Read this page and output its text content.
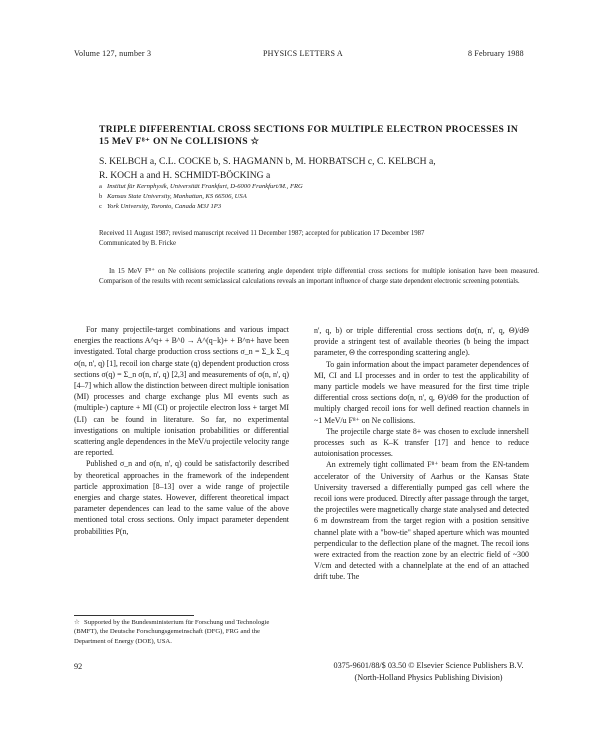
Volume 127, number 3	PHYSICS LETTERS A	8 February 1988
TRIPLE DIFFERENTIAL CROSS SECTIONS FOR MULTIPLE ELECTRON PROCESSES IN 15 MeV F⁸⁺ ON Ne COLLISIONS ☆
S. KELBCH a, C.L. COCKE b, S. HAGMANN b, M. HORBATSCH c, C. KELBCH a,
R. KOCH a and H. SCHMIDT-BÖCKING a
a Institut für Kernphysik, Universität Frankfurt, D-6000 Frankfurt/M., FRG
b Kansas State University, Manhattan, KS 66506, USA
c York University, Toronto, Canada M3J 1P3
Received 11 August 1987; revised manuscript received 11 December 1987; accepted for publication 17 December 1987
Communicated by B. Fricke
In 15 MeV F⁸⁺ on Ne collisions projectile scattering angle dependent triple differential cross sections for multiple ionisation have been measured. Comparison of the results with recent semiclassical calculations reveals an important influence of charge state dependent electronic screening potentials.

For many projectile-target combinations and various impact energies the reactions A^q+ + B^0 → A^(q−k)+ + B^n+ have been investigated. Total charge production cross sections σ_n = Σ_k Σ_q σ(n, n', q) [1], recoil ion charge state (q) dependent production cross sections σ(q) = Σ_n σ(n, n', q) [2,3] and measurements of σ(n, n', q) [4–7] which allow the distinction between direct multiple ionisation (MI) processes and charge exchange plus MI events such as (multiple-) capture + MI (CI) or projectile electron loss + target MI (LI) can be found in literature. So far, no experimental investigations on multiple ionisation probabilities or differential scattering angle dependences in the MeV/u projectile velocity range are reported.

Published σ_n and σ(n, n', q) could be satisfactorily described by theoretical approaches in the framework of the independent particle approximation [8–13] over a wide range of projectile energies and charge states. However, different theoretical impact parameter dependences can lead to the same value of the above mentioned total cross sections. Only impact parameter dependent probabilities P(n,

n', q, b) or triple differential cross sections dσ(n, n', q, Θ)/dΘ provide a stringent test of available theories (b being the impact parameter, Θ the corresponding scattering angle).

To gain information about the impact parameter dependences of MI, CI and LI processes and in order to test the applicability of many particle models we have measured for the first time triple differential cross sections dσ(n, n', q, Θ)/dΘ for the production of multiply charged recoil ions for well defined reaction channels in ~1 MeV/u F⁸⁺ on Ne collisions.

The projectile charge state 8+ was chosen to exclude innershell processes such as K–K transfer [17] and hence to reduce autoionisation processes.

An extremely tight collimated F⁸⁺ beam from the EN-tandem accelerator of the University of Aarhus or the Kansas State University traversed a differentially pumped gas cell where the recoil ions were produced. Directly after passage through the target, the projectiles were magnetically charge state analysed and detected 6 m downstream from the target region with a position sensitive channel plate with a "bow-tie" shaped aperture which was mounted perpendicular to the deflection plane of the magnet. The recoil ions were extracted from the reaction zone by an electric field of ~300 V/cm and detected with a channelplate at the end of an attached drift tube. The

☆ Supported by the Bundesministerium für Forschung und Technologie (BMFT), the Deutsche Forschungsgemeinschaft (DFG), FRG and the Department of Energy (DOE), USA.
92	0375-9601/88/$ 03.50 © Elsevier Science Publishers B.V.
(North-Holland Physics Publishing Division)
